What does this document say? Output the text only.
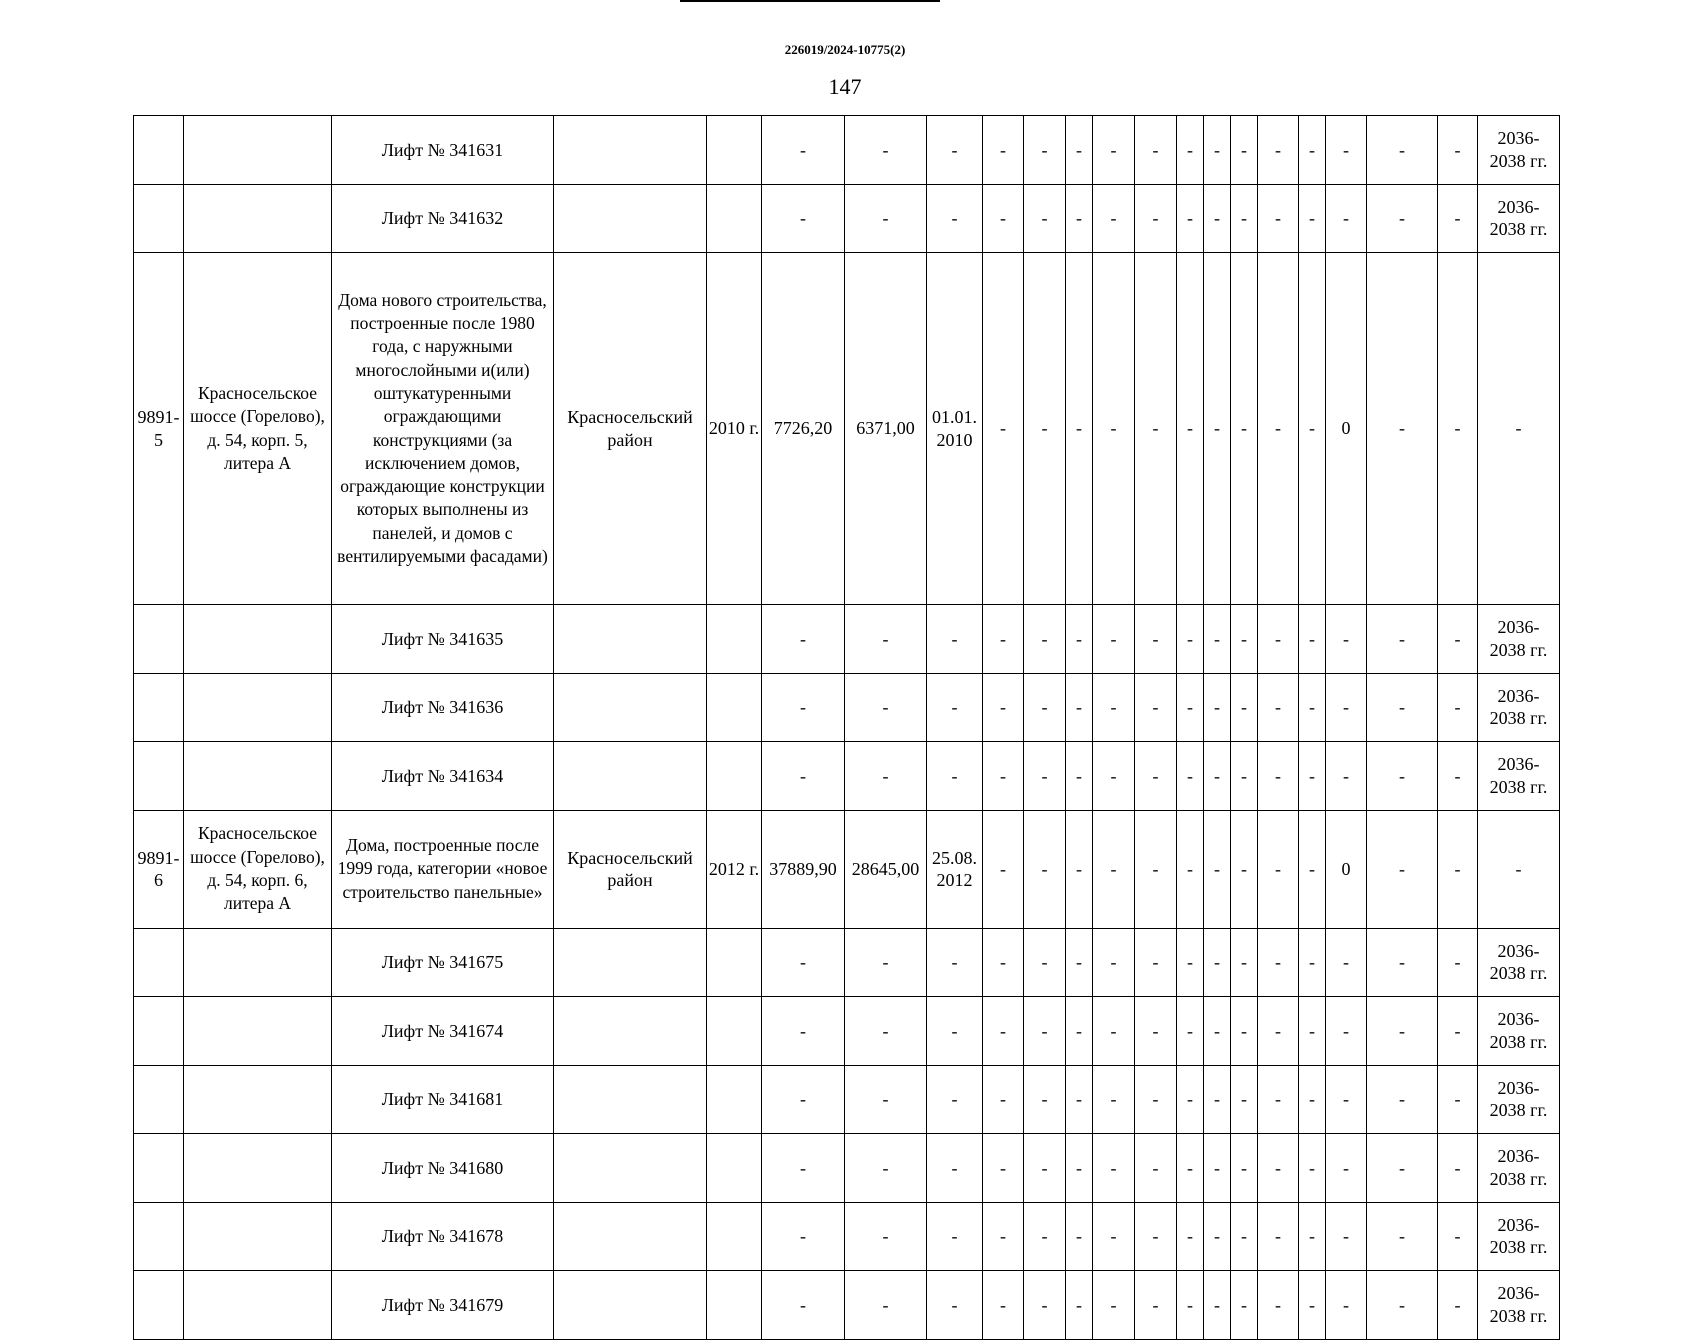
226019/2024-10775(2)
147
		Лифт № 341631			-	-	-	-	-	-	-	-	-	-	-	-	-	-	-	-	2036-
2038 гг.		

		Лифт № 341632			-	-	-	-	-	-	-	-	-	-	-	-	-	-	-	-	2036-
2038 гг.		

9891-
5	Красносельское шоссе (Горелово), д. 54, корп. 5, литера А	Дома нового строительства, построенные после 1980 года, с наружными многослойными и(или) оштукатуренными ограждающими конструкциями (за исключением домов, ограждающие конструкции которых выполнены из панелей, и домов с вентилируемыми фасадами)	Красносельский район	2010 г.	7726,20	6371,00	01.01.
2010	-	-	-	-	-	-	-	-	-	-	0	-	-	-		

		Лифт № 341635			-	-	-	-	-	-	-	-	-	-	-	-	-	-	-	-	2036-
2038 гг.		

		Лифт № 341636			-	-	-	-	-	-	-	-	-	-	-	-	-	-	-	-	2036-
2038 гг.		

		Лифт № 341634			-	-	-	-	-	-	-	-	-	-	-	-	-	-	-	-	2036-
2038 гг.		

9891-
6	Красносельское шоссе (Горелово), д. 54, корп. 6, литера А	Дома, построенные после 1999 года, категории «новое строительство панельные»	Красносельский район	2012 г.	37889,90	28645,00	25.08.
2012	-	-	-	-	-	-	-	-	-	-	0	-	-	-		

		Лифт № 341675			-	-	-	-	-	-	-	-	-	-	-	-	-	-	-	-	2036-
2038 гг.		

		Лифт № 341674			-	-	-	-	-	-	-	-	-	-	-	-	-	-	-	-	2036-
2038 гг.		

		Лифт № 341681			-	-	-	-	-	-	-	-	-	-	-	-	-	-	-	-	2036-
2038 гг.		

		Лифт № 341680			-	-	-	-	-	-	-	-	-	-	-	-	-	-	-	-	2036-
2038 гг.		

		Лифт № 341678			-	-	-	-	-	-	-	-	-	-	-	-	-	-	-	-	2036-
2038 гг.		

		Лифт № 341679			-	-	-	-	-	-	-	-	-	-	-	-	-	-	-	-	2036-
2038 гг.		
